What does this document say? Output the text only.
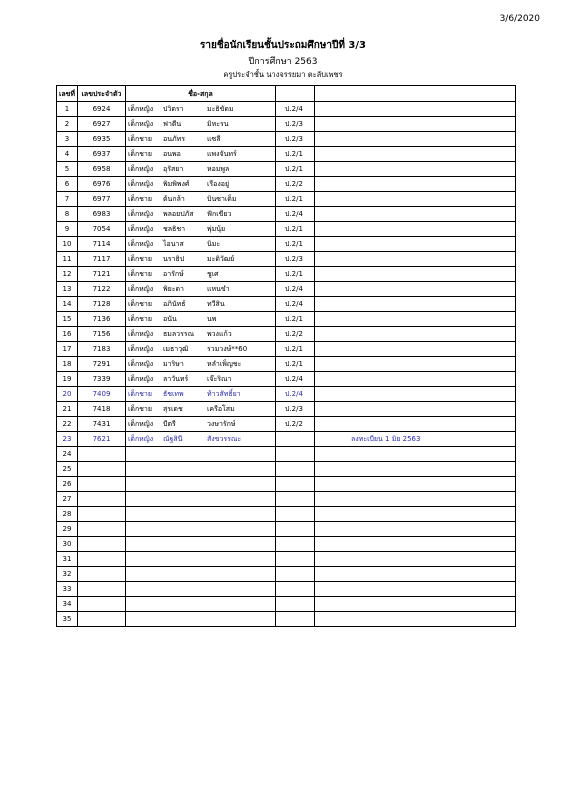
3/6/2020
รายชื่อนักเรียนชั้นประถมศึกษาปีที่ 3/3
ปีการศึกษา 2563
ครูประจำชั้น นางจรรยมา ตะลับเพชร
เลขที่	เลขประจำตัว	ชื่อ-สกุล		
1	6924	เด็กหญิง ปวิตรา มะธิขัดม	ป.2/4	
2	6927	เด็กหญิง ฟาตีน มิหะรน	ป.2/3	
3	6935	เด็กชาย อนภัทร แซลี	ป.2/3	
4	6937	เด็กชาย อนพอ แพงจันทร์	ป.2/1	
5	6958	เด็กหญิง อุรัสยา หอมพูล	ป.2/1	
6	6976	เด็กหญิง พิมพิพงศ์ เรืองอยู่	ป.2/2	
7	6977	เด็กชาย ต้นกล้า บินซาเด็ม	ป.2/1	
8	6983	เด็กหญิง พลอยปภัส ฟักเขียว	ป.2/4	
9	7054	เด็กหญิง ชลธิชา พุ่มนุ้ย	ป.2/1	
10	7114	เด็กหญิง ไอนาส นิมะ	ป.2/1	
11	7117	เด็กชาย นราธิป มะดิวัฒย์	ป.2/3	
12	7121	เด็กชาย อารักษ์ ชูเศ	ป.2/1	
13	7122	เด็กหญิง พิยะดา แหนขำ	ป.2/4	
14	7128	เด็กชาย อภินัทธ์ ทวีสิน	ป.2/4	
15	7136	เด็กชาย อนัน นพ	ป.2/1	
16	7156	เด็กหญิง ธมลวรรณ พวงแก้ว	ป.2/2	
17	7183	เด็กหญิง เมธาวุฒิ รวมวงษ์**60	ป.2/1	
18	7291	เด็กหญิง มาริษา หลำเพ็ญชะ	ป.2/1	
19	7339	เด็กหญิง ลาวันทร์ เจ๊ะริณา	ป.2/4	
20	7409	เด็กชาย ธัชเทพ ท้าวสัทธิ์ยา	ป.2/4	
21	7418	เด็กชาย สุรเดช เครือโสม	ป.2/3	
22	7431	เด็กหญิง บีตรี วงษารักษ์	ป.2/2	
23	7621	เด็กหญิง ณัฐสินี สังขวรรณะ		ลงทะเบียน 1 มิย 2563
24				
25				
26				
27				
28				
29				
30				
31				
32				
33				
34				
35				
